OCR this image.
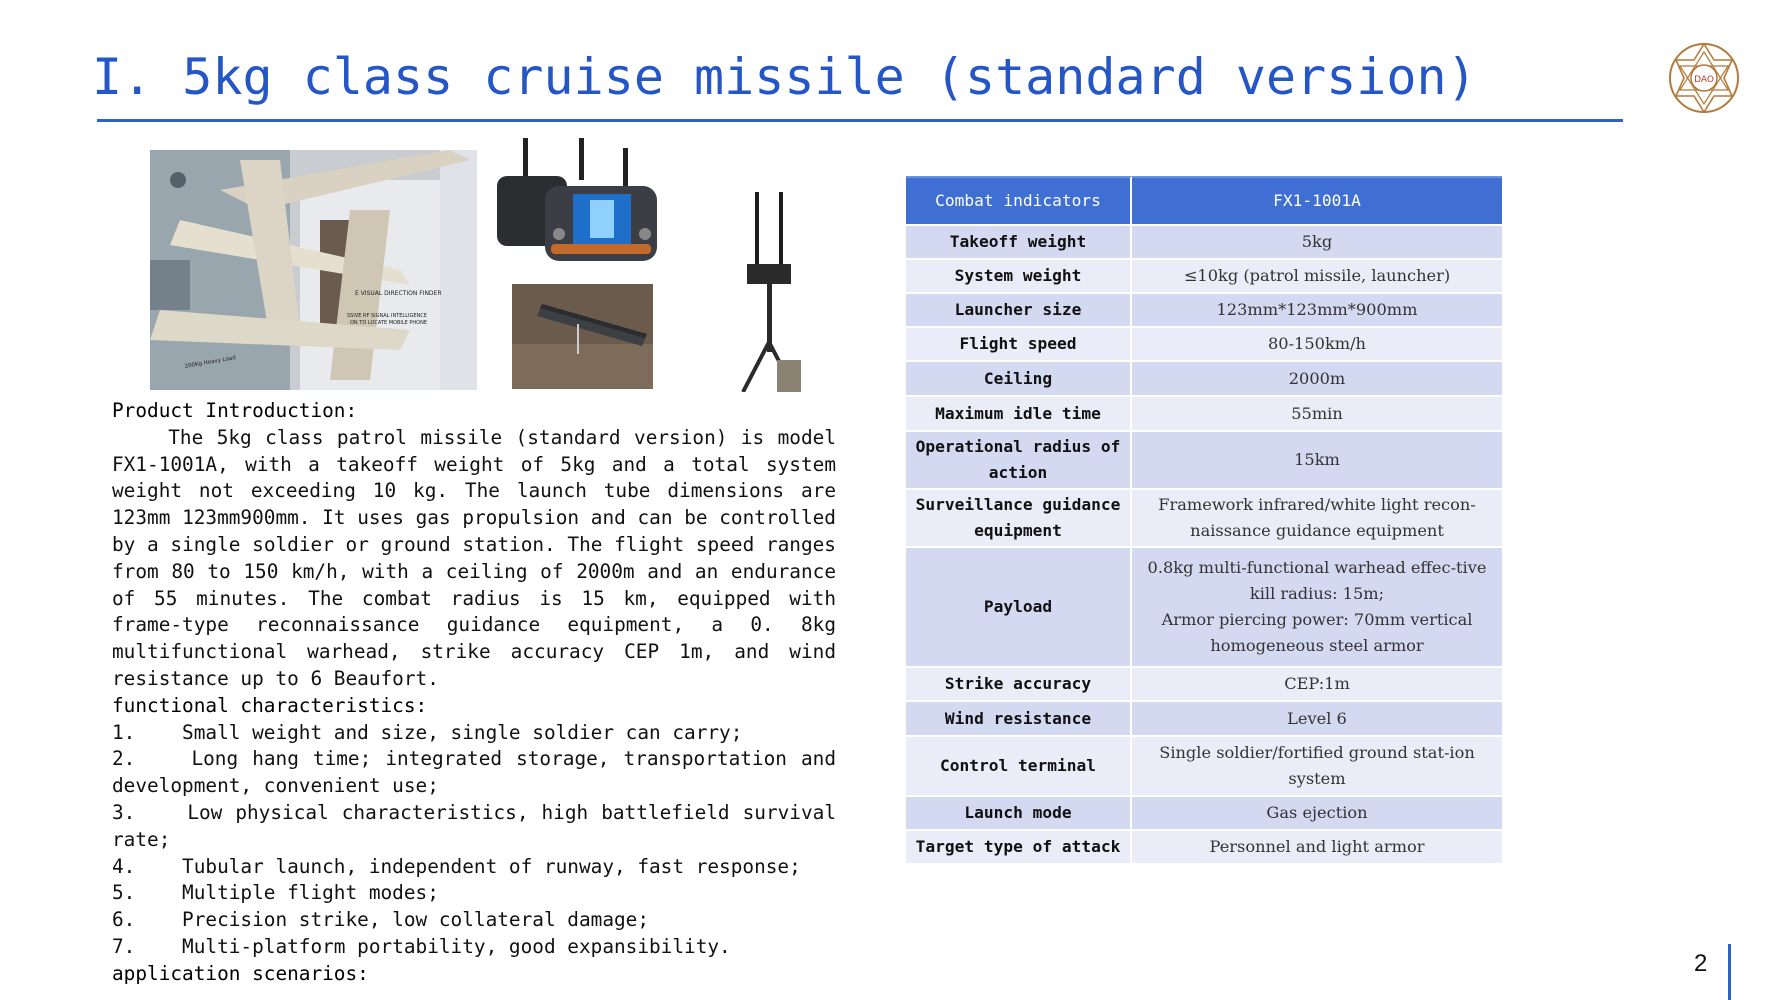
I. 5kg class cruise missile (standard version)	DAO
E VISUAL DIRECTION FINDER
SSIVE RF SIGNAL INTELLIGENCE
ON TO LOCATE MOBILE PHONE
200Kg Heavy Load
Product Introduction:
The 5kg class patrol missile (standard version) is model FX1-1001A, with a takeoff weight of 5kg and a total system weight not exceeding 10 kg. The launch tube dimensions are 123mm 123mm900mm. It uses gas propulsion and can be controlled by a single soldier or ground station. The flight speed ranges from 80 to 150 km/h, with a ceiling of 2000m and an endurance of 55 minutes. The combat radius is 15 km, equipped with frame-type reconnaissance guidance equipment, a 0. 8kg multifunctional warhead, strike accuracy CEP 1m, and wind resistance up to 6 Beaufort.
functional characteristics:
1.    Small weight and size, single soldier can carry;
2.    Long hang time; integrated storage, transportation and development, convenient use;
3.    Low physical characteristics, high battlefield survival rate;
4.    Tubular launch, independent of runway, fast response;
5.    Multiple flight modes;
6.    Precision strike, low collateral damage;
7.    Multi-platform portability, good expansibility.
application scenarios:
Combat indicators	FX1-1001A
Takeoff weight	5kg
System weight	≤10kg (patrol missile, launcher)
Launcher size	123mm*123mm*900mm
Flight speed	80-150km/h
Ceiling	2000m
Maximum idle time	55min
Operational radius of action	15km
Surveillance guidance equipment	Framework infrared/white light recon-naissance guidance equipment
Payload	0.8kg multi-functional warhead effec-tive kill radius: 15m;
Armor piercing power: 70mm vertical homogeneous steel armor

Strike accuracy	CEP:1m
Wind resistance	Level 6
Control terminal	Single soldier/fortified ground stat-ion system
Launch mode	Gas ejection
Target type of attack	Personnel and light armor
2
